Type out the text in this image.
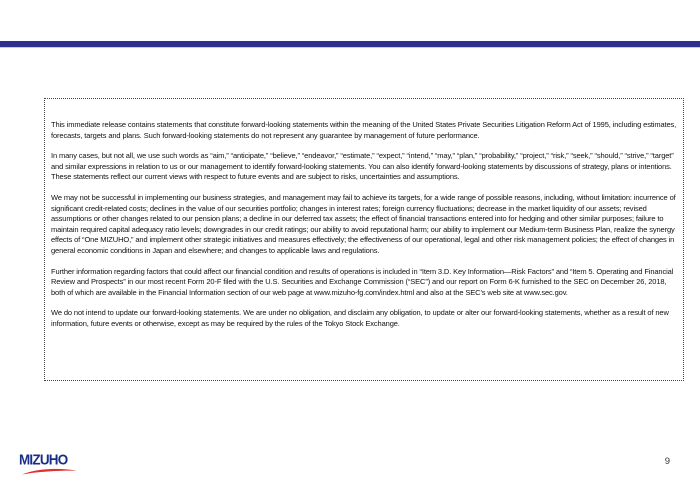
This immediate release contains statements that constitute forward-looking statements within the meaning of the United States Private Securities Litigation Reform Act of 1995, including estimates, forecasts, targets and plans. Such forward-looking statements do not represent any guarantee by management of future performance.

In many cases, but not all, we use such words as “aim,” “anticipate,” “believe,” “endeavor,” “estimate,” “expect,” “intend,” “may,” “plan,” “probability,” “project,” “risk,” “seek,” “should,” “strive,” “target” and similar expressions in relation to us or our management to identify forward-looking statements. You can also identify forward-looking statements by discussions of strategy, plans or intentions. These statements reflect our current views with respect to future events and are subject to risks, uncertainties and assumptions.

We may not be successful in implementing our business strategies, and management may fail to achieve its targets, for a wide range of possible reasons, including, without limitation: incurrence of significant credit-related costs; declines in the value of our securities portfolio; changes in interest rates; foreign currency fluctuations; decrease in the market liquidity of our assets; revised assumptions or other changes related to our pension plans; a decline in our deferred tax assets; the effect of financial transactions entered into for hedging and other similar purposes; failure to maintain required capital adequacy ratio levels; downgrades in our credit ratings; our ability to avoid reputational harm; our ability to implement our Medium-term Business Plan, realize the synergy effects of “One MIZUHO,” and implement other strategic initiatives and measures effectively; the effectiveness of our operational, legal and other risk management policies; the effect of changes in general economic conditions in Japan and elsewhere; and changes to applicable laws and regulations.

Further information regarding factors that could affect our financial condition and results of operations is included in “Item 3.D. Key Information—Risk Factors” and “Item 5. Operating and Financial Review and Prospects” in our most recent Form 20-F filed with the U.S. Securities and Exchange Commission (“SEC”) and our report on Form 6-K furnished to the SEC on December 26, 2018, both of which are available in the Financial Information section of our web page at www.mizuho-fg.com/index.html and also at the SEC’s web site at www.sec.gov.

We do not intend to update our forward-looking statements. We are under no obligation, and disclaim any obligation, to update or alter our forward-looking statements, whether as a result of new information, future events or otherwise, except as may be required by the rules of the Tokyo Stock Exchange.

MIZUHO	9
